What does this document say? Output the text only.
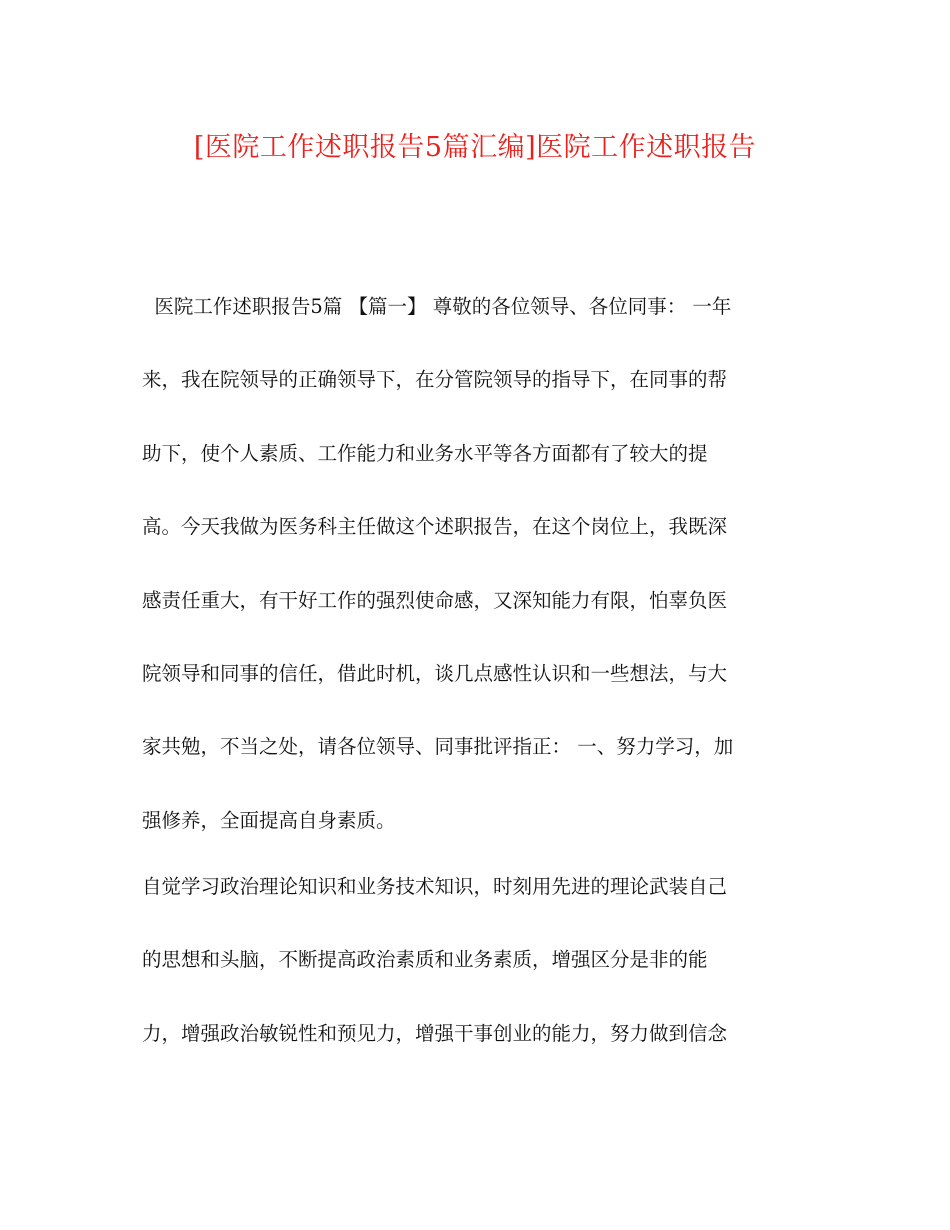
[医院工作述职报告5篇汇编]医院工作述职报告
医院工作述职报告5篇 【篇一】 尊敬的各位领导、各位同事： 一年
来，我在院领导的正确领导下，在分管院领导的指导下，在同事的帮
助下，使个人素质、工作能力和业务水平等各方面都有了较大的提
高。今天我做为医务科主任做这个述职报告，在这个岗位上，我既深
感责任重大，有干好工作的强烈使命感，又深知能力有限，怕辜负医
院领导和同事的信任，借此时机，谈几点感性认识和一些想法，与大
家共勉，不当之处，请各位领导、同事批评指正： 一、努力学习，加
强修养，全面提高自身素质。
自觉学习政治理论知识和业务技术知识，时刻用先进的理论武装自己
的思想和头脑，不断提高政治素质和业务素质，增强区分是非的能
力，增强政治敏锐性和预见力，增强干事创业的能力，努力做到信念
